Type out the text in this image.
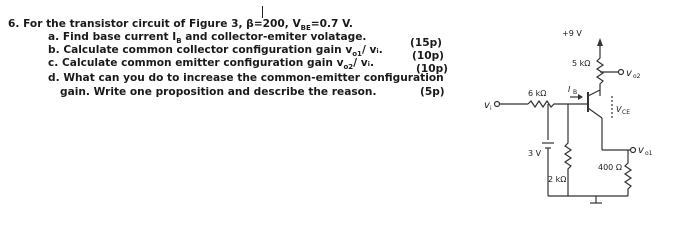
6. For the transistor circuit of Figure 3, β=200, $V_{BE}=0.7$ V.
a. Find base current $I_B$ and collector-emiter volatage.	(15p)
b. Calculate common collector configuration gain $v_{o1}/$ vᵢ.	(10p)
c. Calculate common emitter configuration gain $v_{o2}/$ vᵢ.	(10p)
d. What can you do to increase the common-emitter configuration
gain. Write one proposition and describe the reason.	(5p)
+9 V
5 kΩ
6 kΩ	I B
3 V
2 kΩ
400 Ω
v i
v o1
v o2
V CE
